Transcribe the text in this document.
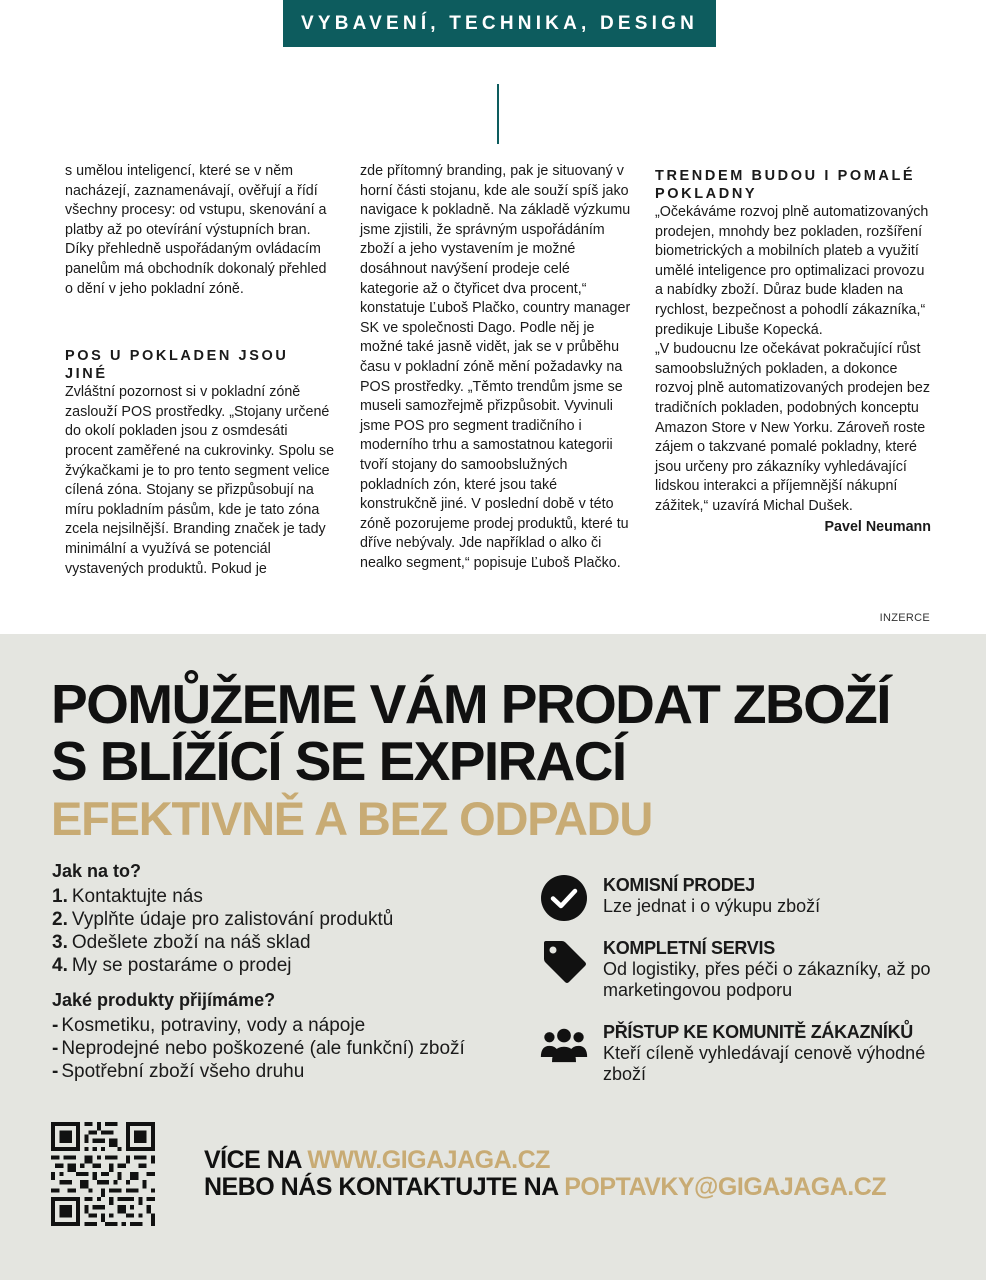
VYBAVENÍ, TECHNIKA, DESIGN

s umělou inteligencí, které se v něm nacházejí, zaznamenávají, ověřují a řídí všechny procesy: od vstupu, skenování a platby až po otevírání výstupních bran. Díky přehledně uspořádaným ovládacím panelům má obchodník dokonalý přehled o dění v jeho pokladní zóně.

POS U POKLADEN JSOU JINÉ

Zvláštní pozornost si v pokladní zóně zaslouží POS prostředky. „Stojany určené do okolí pokladen jsou z osmdesáti procent zaměřené na cukrovinky. Spolu se žvýkačkami je to pro tento segment velice cílená zóna. Stojany se přizpůsobují na míru pokladním pásům, kde je tato zóna zcela nejsilnější. Branding značek je tady minimální a využívá se potenciál vystavených produktů. Pokud je

zde přítomný branding, pak je situovaný v horní části stojanu, kde ale souží spíš jako navigace k pokladně. Na základě výzkumu jsme zjistili, že správným uspořádáním zboží a jeho vystavením je možné dosáhnout navýšení prodeje celé kategorie až o čtyřicet dva procent,“ konstatuje Ľuboš Plačko, country manager SK ve společnosti Dago. Podle něj je možné také jasně vidět, jak se v průběhu času v pokladní zóně mění požadavky na POS prostředky. „Těmto trendům jsme se museli samozřejmě přizpůsobit. Vyvinuli jsme POS pro segment tradičního i moderního trhu a samostatnou kategorii tvoří stojany do samoobslužných pokladních zón, které jsou také konstrukčně jiné. V poslední době v této zóně pozorujeme prodej produktů, které tu dříve nebývaly. Jde například o alko či nealko segment,“ popisuje Ľuboš Plačko.

TRENDEM BUDOU I POMALÉ POKLADNY

„Očekáváme rozvoj plně automatizovaných prodejen, mnohdy bez pokladen, rozšíření biometrických a mobilních plateb a využití umělé inteligence pro optimalizaci provozu a nabídky zboží. Důraz bude kladen na rychlost, bezpečnost a pohodlí zákazníka,“ predikuje Libuše Kopecká.

„V budoucnu lze očekávat pokračující růst samoobslužných pokladen, a dokonce rozvoj plně automatizovaných prodejen bez tradičních pokladen, podobných konceptu Amazon Store v New Yorku. Zároveň roste zájem o takzvané pomalé pokladny, které jsou určeny pro zákazníky vyhledávající lidskou interakci a příjemnější nákupní zážitek,“ uzavírá Michal Dušek.

Pavel Neumann

INZERCE
POMŮŽEME VÁM PRODAT ZBOŽÍ
S BLÍŽÍCÍ SE EXPIRACÍ
EFEKTIVNĚ A BEZ ODPADU

Jak na to?

1. Kontaktujte nás
2. Vyplňte údaje pro zalistování produktů
3. Odešlete zboží na náš sklad
4. My se postaráme o prodej

Jaké produkty přijímáme?

- Kosmetiku, potraviny, vody a nápoje
- Neprodejné nebo poškozené (ale funkční) zboží
- Spotřební zboží všeho druhu
KOMISNÍ PRODEJ
Lze jednat i o výkupu zboží
KOMPLETNÍ SERVIS
Od logistiky, přes péči o zákazníky, až po marketingovou podporu
PŘÍSTUP KE KOMUNITĚ ZÁKAZNÍKŮ
Kteří cíleně vyhledávají cenově výhodné zboží
VÍCE NA WWW.GIGAJAGA.CZ
NEBO NÁS KONTAKTUJTE NA POPTAVKY@GIGAJAGA.CZ
